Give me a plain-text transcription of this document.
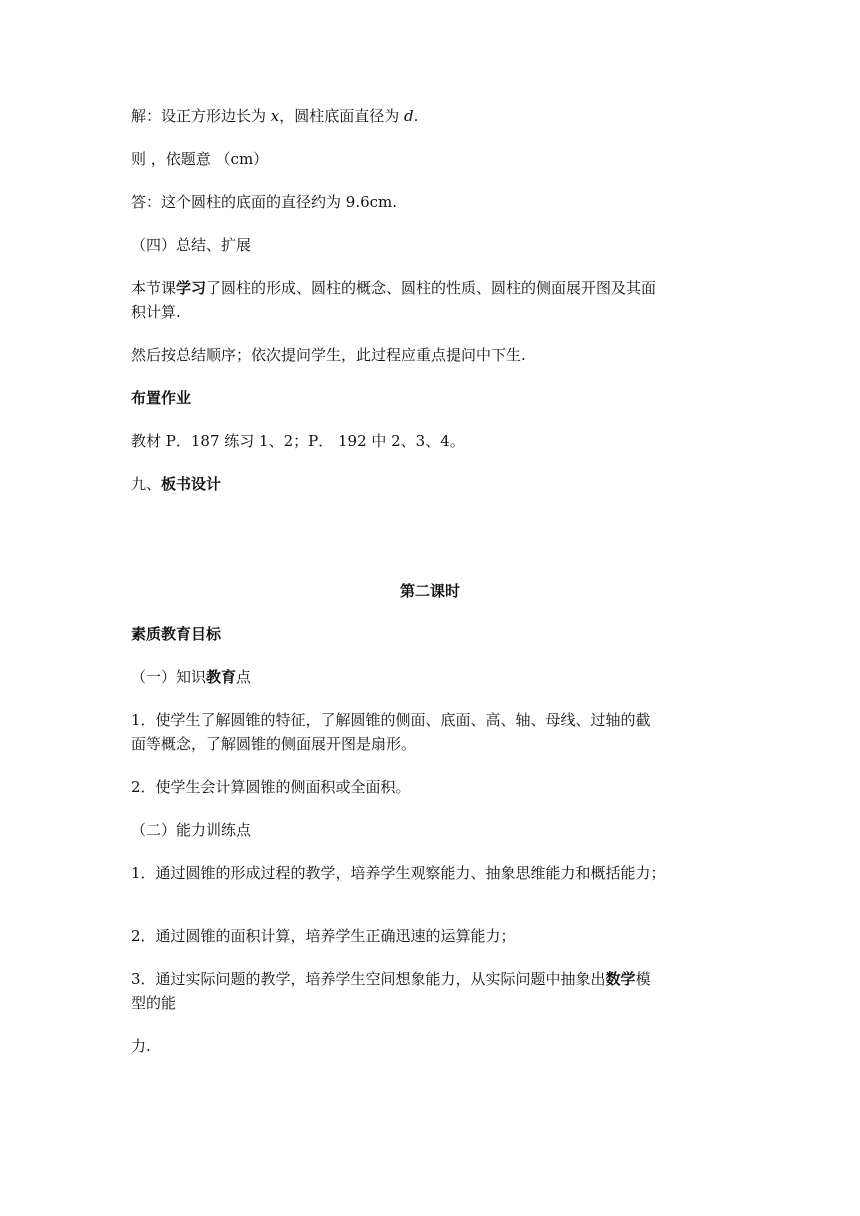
解：设正方形边长为 x，圆柱底面直径为 d.
则 ，依题意 （cm）
答：这个圆柱的底面的直径约为 9.6cm.
（四）总结、扩展
本节课学习了圆柱的形成、圆柱的概念、圆柱的性质、圆柱的侧面展开图及其面
积计算.
然后按总结顺序；依次提问学生，此过程应重点提问中下生.
布置作业
教材 P．187 练习 1、2；P． 192 中 2、3、4。
九、板书设计
第二课时
素质教育目标
（一）知识教育点
1．使学生了解圆锥的特征，了解圆锥的侧面、底面、高、轴、母线、过轴的截
面等概念，了解圆锥的侧面展开图是扇形。
2．使学生会计算圆锥的侧面积或全面积。
（二）能力训练点
1．通过圆锥的形成过程的教学，培养学生观察能力、抽象思维能力和概括能力；
2．通过圆锥的面积计算，培养学生正确迅速的运算能力；
3．通过实际问题的教学，培养学生空间想象能力，从实际问题中抽象出数学模
型的能
力.
